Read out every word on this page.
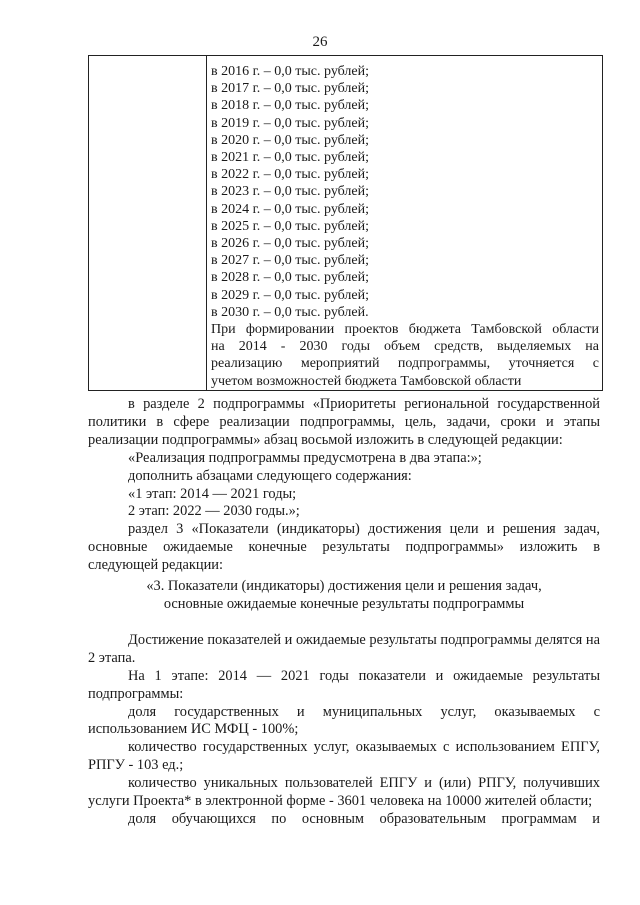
26
в 2016 г. – 0,0 тыс. рублей;
в 2017 г. – 0,0 тыс. рублей;
в 2018 г. – 0,0 тыс. рублей;
в 2019 г. – 0,0 тыс. рублей;
в 2020 г. – 0,0 тыс. рублей;
в 2021 г. – 0,0 тыс. рублей;
в 2022 г. – 0,0 тыс. рублей;
в 2023 г. – 0,0 тыс. рублей;
в 2024 г. – 0,0 тыс. рублей;
в 2025 г. – 0,0 тыс. рублей;
в 2026 г. – 0,0 тыс. рублей;
в 2027 г. – 0,0 тыс. рублей;
в 2028 г. – 0,0 тыс. рублей;
в 2029 г. – 0,0 тыс. рублей;
в 2030 г. – 0,0 тыс. рублей.
При формировании проектов бюджета Тамбовской области
на 2014 - 2030 годы объем средств, выделяемых на
реализацию мероприятий подпрограммы, уточняется с
учетом возможностей бюджета Тамбовской области
в разделе 2 подпрограммы «Приоритеты региональной государственной политики в сфере реализации подпрограммы, цель, задачи, сроки и этапы реализации подпрограммы» абзац восьмой изложить в следующей редакции:
«Реализация подпрограммы предусмотрена в два этапа:»;
дополнить абзацами следующего содержания:
«1 этап: 2014 — 2021 годы;
2 этап: 2022 — 2030 годы.»;
раздел 3 «Показатели (индикаторы) достижения цели и решения задач, основные ожидаемые конечные результаты подпрограммы» изложить в следующей редакции:
«3. Показатели (индикаторы) достижения цели и решения задач,
основные ожидаемые конечные результаты подпрограммы
Достижение показателей и ожидаемые результаты подпрограммы делятся на 2 этапа.
На 1 этапе: 2014 — 2021 годы показатели и ожидаемые результаты подпрограммы:
доля государственных и муниципальных услуг, оказываемых с использованием ИС МФЦ - 100%;
количество государственных услуг, оказываемых с использованием ЕПГУ, РПГУ - 103 ед.;
количество уникальных пользователей ЕПГУ и (или) РПГУ, получивших услуги Проекта* в электронной форме - 3601 человека на 10000 жителей области;
доля обучающихся по основным образовательным программам и
